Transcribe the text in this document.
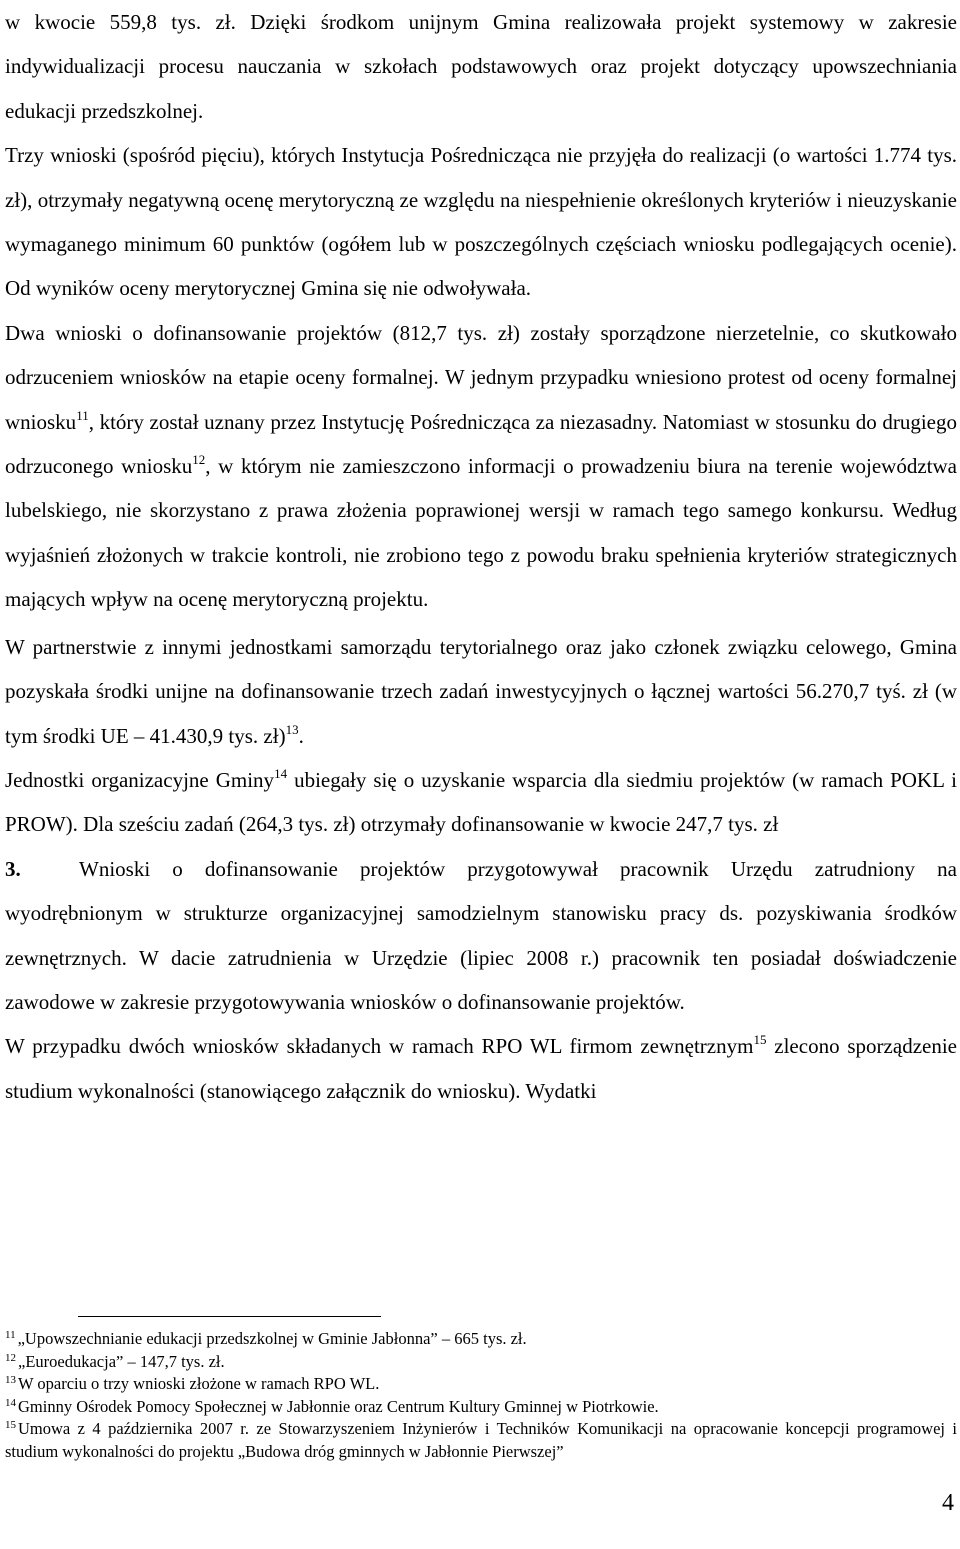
w kwocie 559,8 tys. zł. Dzięki środkom unijnym Gmina realizowała projekt systemowy w zakresie indywidualizacji procesu nauczania w szkołach podstawowych oraz projekt dotyczący upowszechniania edukacji przedszkolnej.

Trzy wnioski (spośród pięciu), których Instytucja Pośrednicząca nie przyjęła do realizacji (o wartości 1.774 tys. zł), otrzymały negatywną ocenę merytoryczną ze względu na niespełnienie określonych kryteriów i nieuzyskanie wymaganego minimum 60 punktów (ogółem lub w poszczególnych częściach wniosku podlegających ocenie). Od wyników oceny merytorycznej Gmina się nie odwoływała.

Dwa wnioski o dofinansowanie projektów (812,7 tys. zł) zostały sporządzone nierzetelnie, co skutkowało odrzuceniem wniosków na etapie oceny formalnej. W jednym przypadku wniesiono protest od oceny formalnej wniosku$^{11}$, który został uznany przez Instytucję Pośrednicząca za niezasadny. Natomiast w stosunku do drugiego odrzuconego wniosku$^{12}$, w którym nie zamieszczono informacji o prowadzeniu biura na terenie województwa lubelskiego, nie skorzystano z prawa złożenia poprawionej wersji w ramach tego samego konkursu. Według wyjaśnień złożonych w trakcie kontroli, nie zrobiono tego z powodu braku spełnienia kryteriów strategicznych mających wpływ na ocenę merytoryczną projektu.

W partnerstwie z innymi jednostkami samorządu terytorialnego oraz jako członek związku celowego, Gmina pozyskała środki unijne na dofinansowanie trzech zadań inwestycyjnych o łącznej wartości 56.270,7 tyś. zł (w tym środki UE – 41.430,9 tys. zł)$^{13}$.

Jednostki organizacyjne Gminy$^{14}$ ubiegały się o uzyskanie wsparcia dla siedmiu projektów (w ramach POKL i PROW). Dla sześciu zadań (264,3 tys. zł) otrzymały dofinansowanie w kwocie 247,7 tys. zł

3.	Wnioski o dofinansowanie projektów przygotowywał pracownik Urzędu zatrudniony na wyodrębnionym w strukturze organizacyjnej samodzielnym stanowisku pracy ds. pozyskiwania środków zewnętrznych. W dacie zatrudnienia w Urzędzie (lipiec 2008 r.) pracownik ten posiadał doświadczenie zawodowe w zakresie przygotowywania wniosków o dofinansowanie projektów.

W przypadku dwóch wniosków składanych w ramach RPO WL firmom zewnętrznym$^{15}$ zlecono sporządzenie studium wykonalności (stanowiącego załącznik do wniosku). Wydatki

$^{11}$ „Upowszechnianie edukacji przedszkolnej w Gminie Jabłonna” – 665 tys. zł.

$^{12}$ „Euroedukacja” – 147,7 tys. zł.

$^{13}$ W oparciu o trzy wnioski złożone w ramach RPO WL.

$^{14}$ Gminny Ośrodek Pomocy Społecznej w Jabłonnie oraz Centrum Kultury Gminnej w Piotrkowie.

$^{15}$ Umowa z 4 października 2007 r. ze Stowarzyszeniem Inżynierów i Techników Komunikacji na opracowanie koncepcji programowej i studium wykonalności do projektu „Budowa dróg gminnych w Jabłonnie Pierwszej”

4
